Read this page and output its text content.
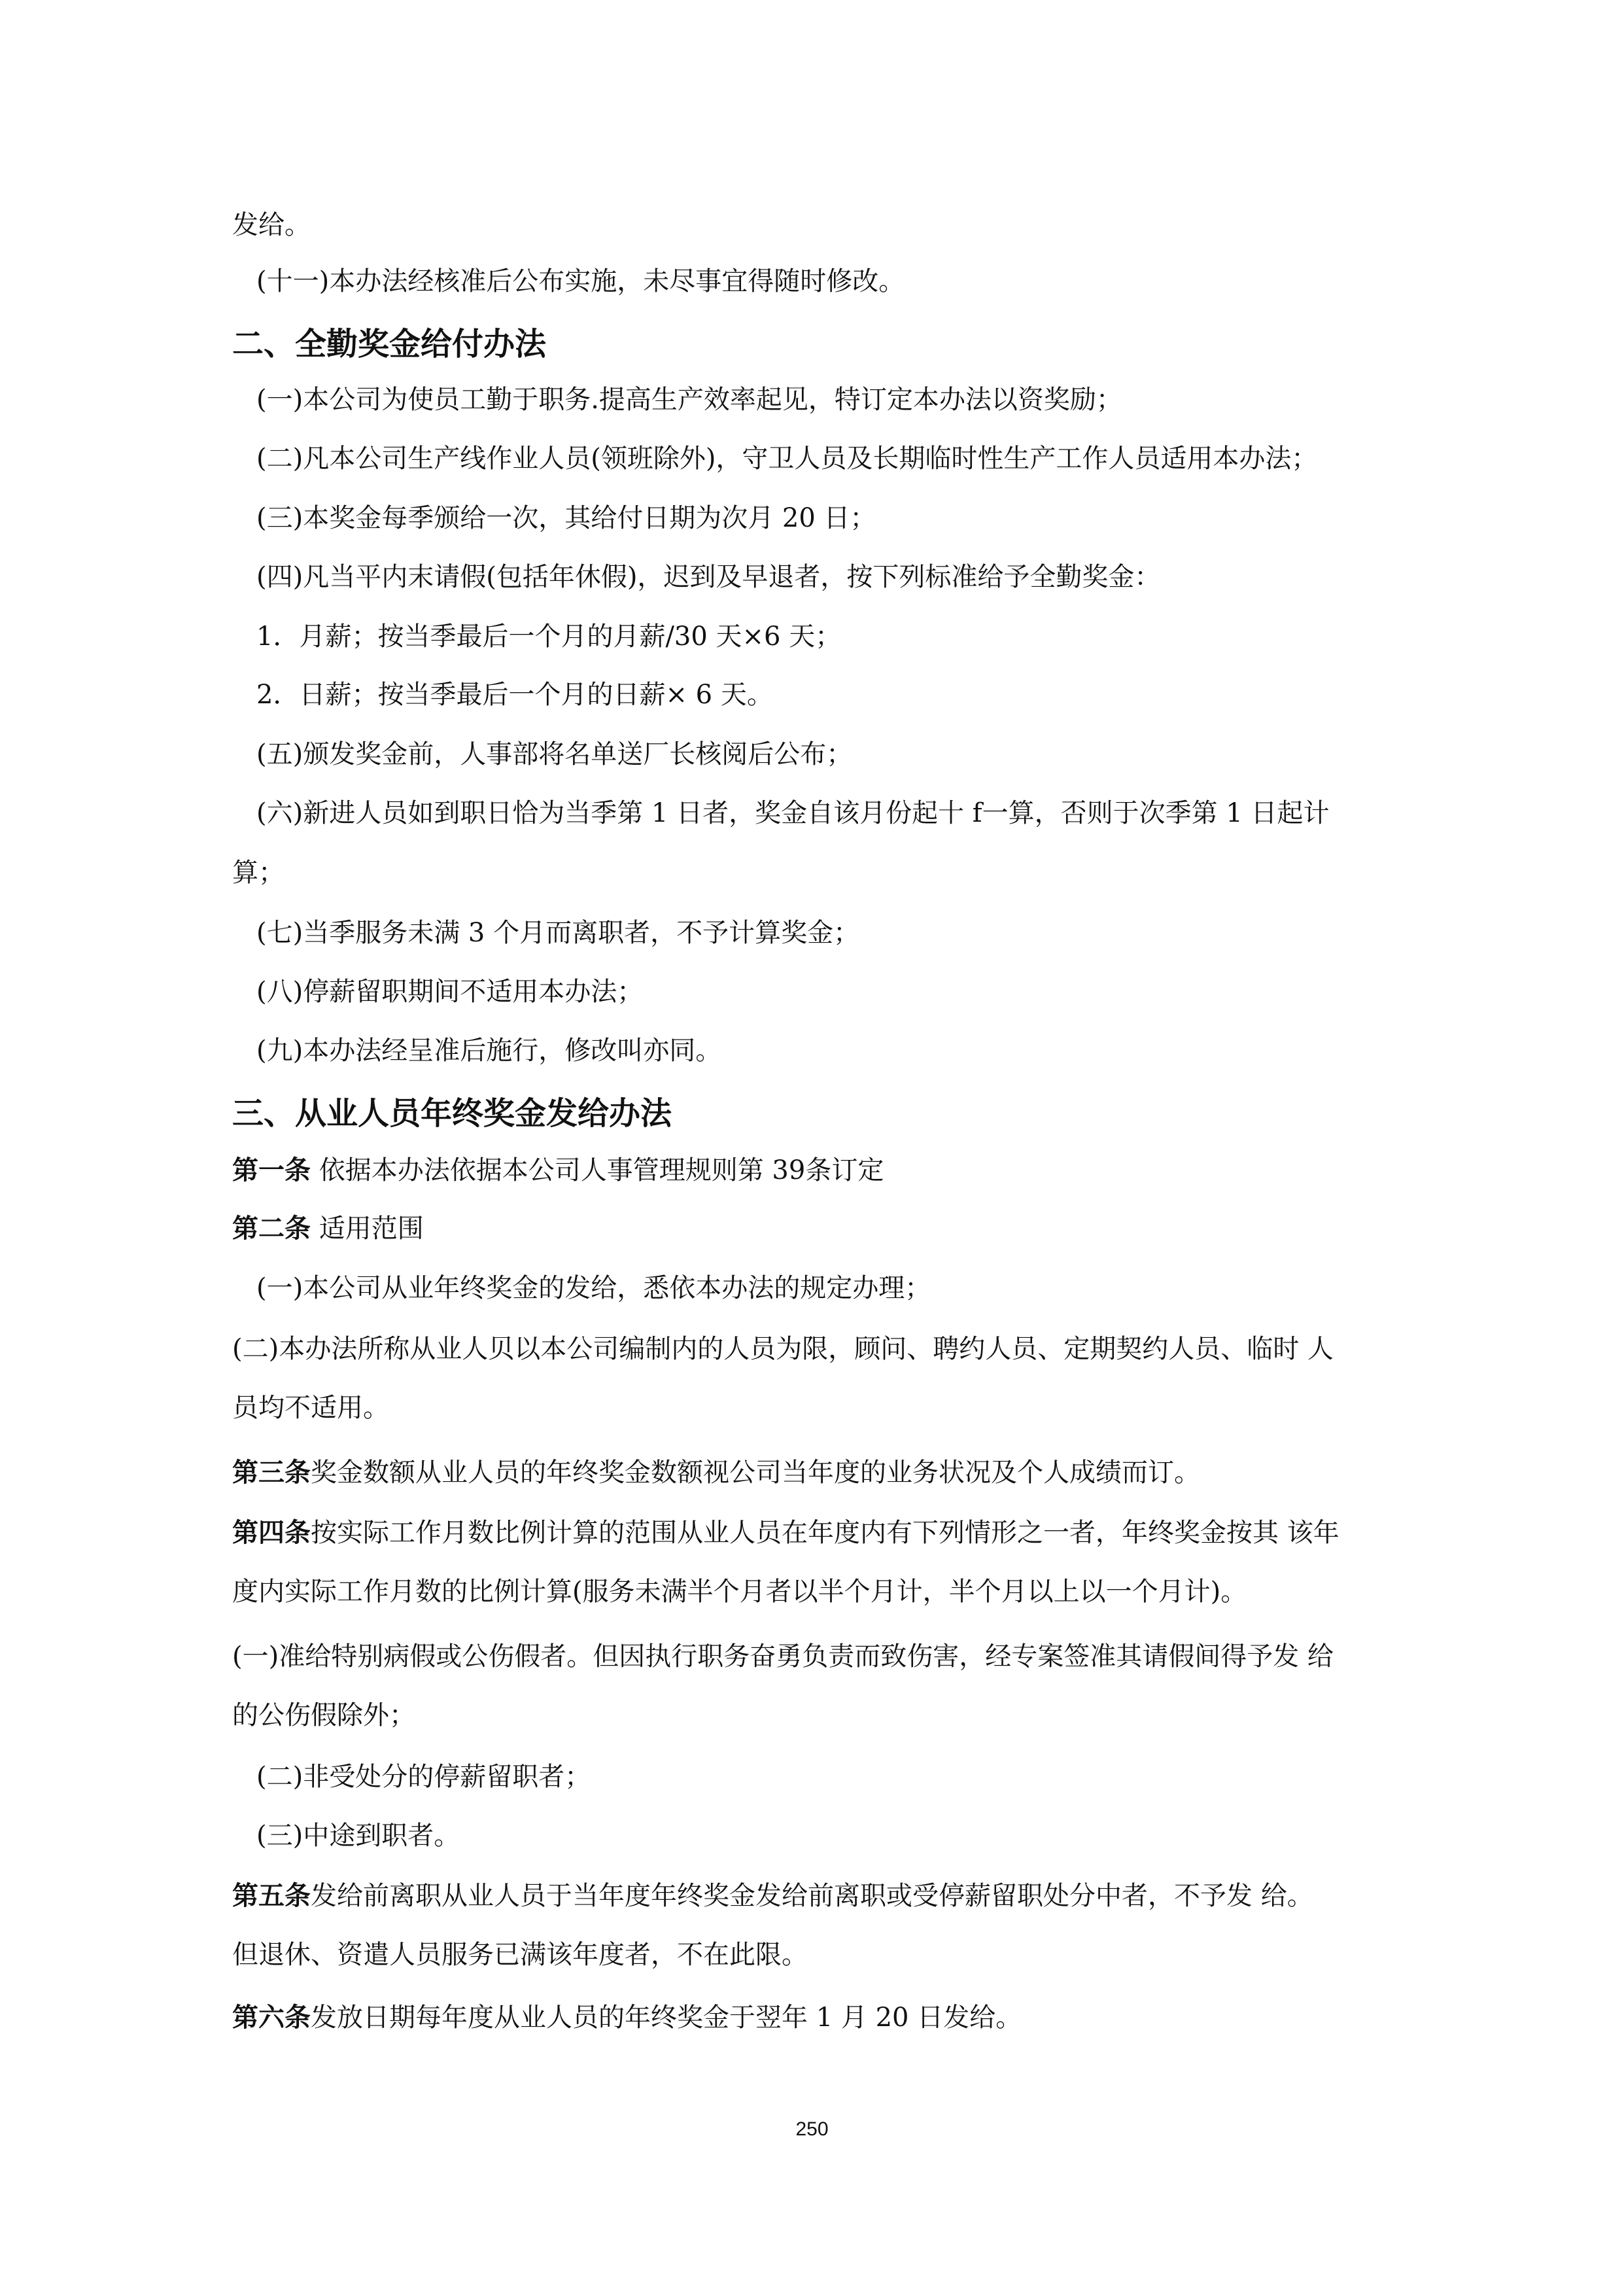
发给。
(十一)本办法经核准后公布实施，未尽事宜得随时修改。
二、全勤奖金给付办法
(一)本公司为使员工勤于职务.提高生产效率起见，特订定本办法以资奖励；
(二)凡本公司生产线作业人员(领班除外)，守卫人员及长期临时性生产工作人员适用本办法；
(三)本奖金每季颁给一次，其给付日期为次月 20 日；
(四)凡当平内末请假(包括年休假)，迟到及早退者，按下列标准给予全勤奖金：
1．月薪；按当季最后一个月的月薪/30 天×6 天；
2．日薪；按当季最后一个月的日薪× 6 天。
(五)颁发奖金前，人事部将名单送厂长核阅后公布；
(六)新进人员如到职日恰为当季第 1 日者，奖金自该月份起十 f一算，否则于次季第 1 日起计
算；
(七)当季服务未满 3 个月而离职者，不予计算奖金；
(八)停薪留职期间不适用本办法；
(九)本办法经呈准后施行，修改叫亦同。
三、从业人员年终奖金发给办法
第一条 依据本办法依据本公司人事管理规则第 39条订定
第二条 适用范围
(一)本公司从业年终奖金的发给，悉依本办法的规定办理；
(二)本办法所称从业人贝以本公司编制内的人员为限，顾问、聘约人员、定期契约人员、临时 人
员均不适用。
第三条奖金数额从业人员的年终奖金数额视公司当年度的业务状况及个人成绩而订。
第四条按实际工作月数比例计算的范围从业人员在年度内有下列情形之一者，年终奖金按其 该年
度内实际工作月数的比例计算(服务未满半个月者以半个月计，半个月以上以一个月计)。
(一)准给特别病假或公伤假者。但因执行职务奋勇负责而致伤害，经专案签准其请假间得予发 给
的公伤假除外；
(二)非受处分的停薪留职者；
(三)中途到职者。
第五条发给前离职从业人员于当年度年终奖金发给前离职或受停薪留职处分中者，不予发 给。
但退休、资遣人员服务已满该年度者，不在此限。
第六条发放日期每年度从业人员的年终奖金于翌年 1 月 20 日发给。
250
